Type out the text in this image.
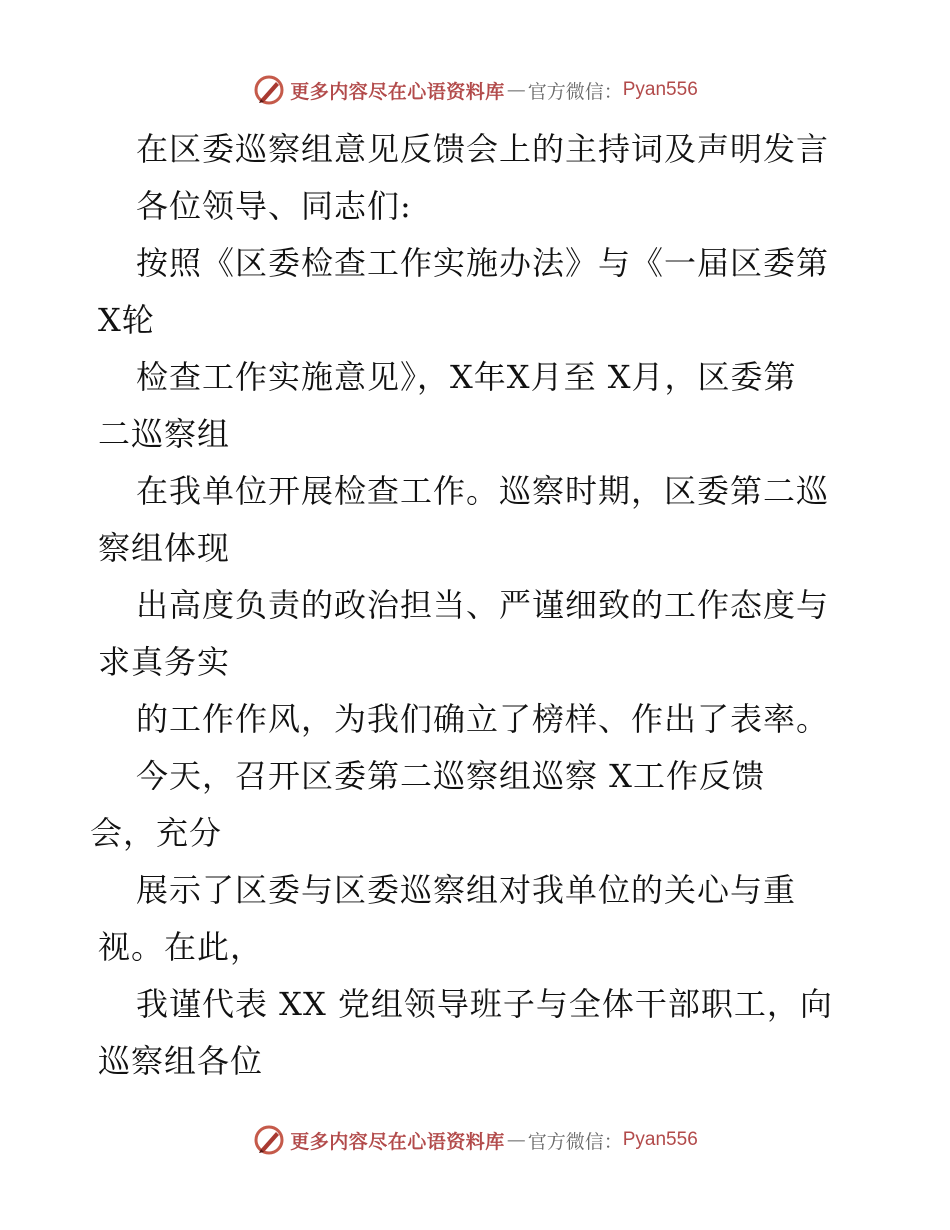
更多内容尽在心语资料库 — 官方微信： Pyan556
在区委巡察组意见反馈会上的主持词及声明发言
各位领导、同志们:
按照《区委检查工作实施办法》与《一届区委第
X轮
检查工作实施意见》，X年X月至 X月，区委第
二巡察组
在我单位开展检查工作。巡察时期，区委第二巡
察组体现
出高度负责的政治担当、严谨细致的工作态度与
求真务实
的工作作风，为我们确立了榜样、作出了表率。
今天，召开区委第二巡察组巡察 X工作反馈
会，充分
展示了区委与区委巡察组对我单位的关心与重
视。在此，
我谨代表 XX 党组领导班子与全体干部职工，向
巡察组各位
更多内容尽在心语资料库 — 官方微信： Pyan556
